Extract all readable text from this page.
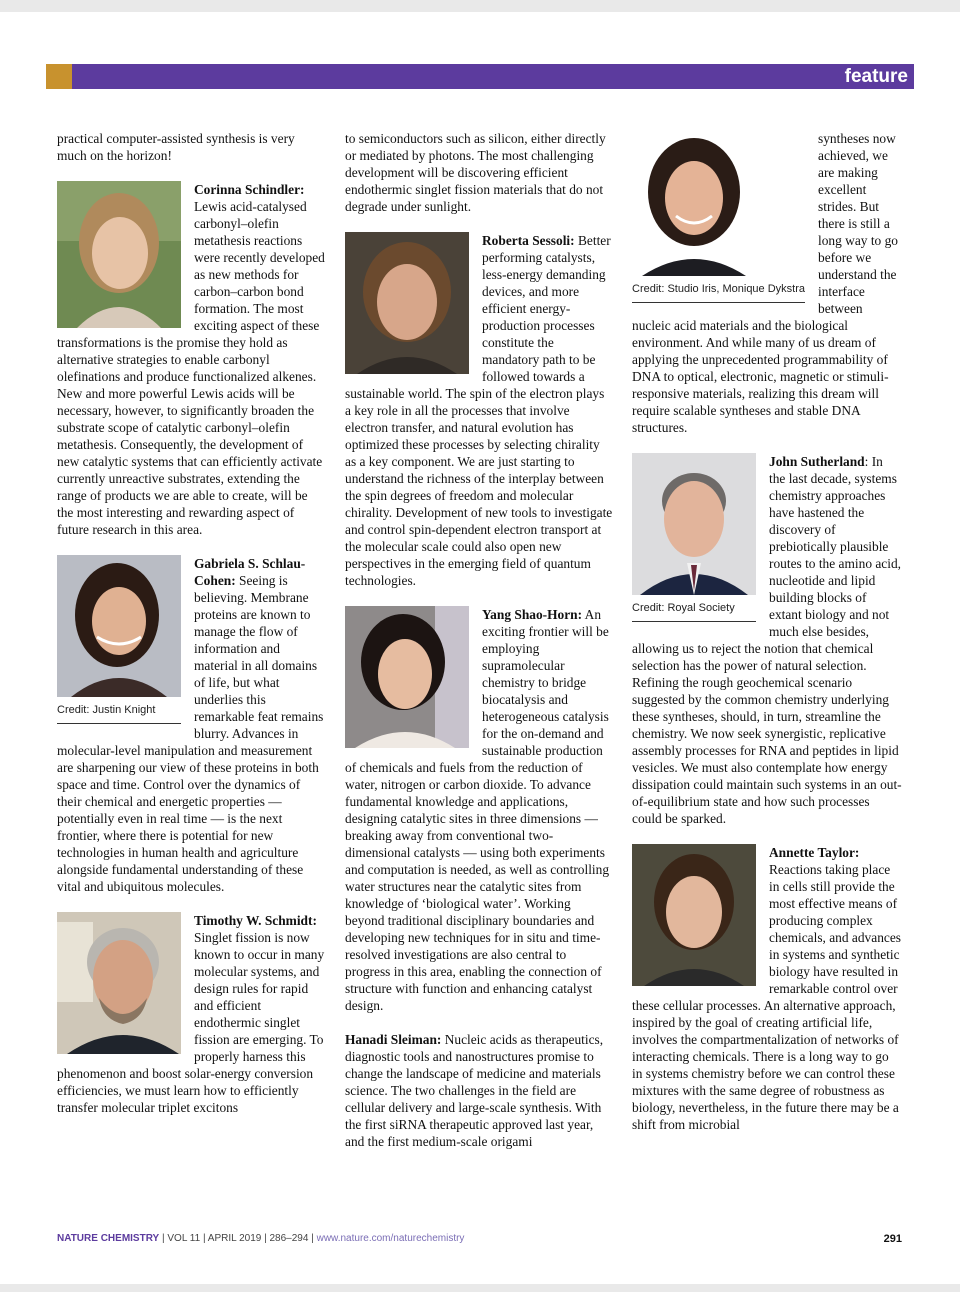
feature

practical computer-assisted synthesis is very much on the horizon!

Corinna Schindler: Lewis acid-catalysed carbonyl–olefin metathesis reactions were recently developed as new methods for carbon–carbon bond formation. The most exciting aspect of these transformations is the promise they hold as alternative strategies to enable carbonyl olefinations and produce functionalized alkenes. New and more powerful Lewis acids will be necessary, however, to significantly broaden the substrate scope of catalytic carbonyl–olefin metathesis. Consequently, the development of new catalytic systems that can efficiently activate currently unreactive substrates, extending the range of products we are able to create, will be the most interesting and rewarding aspect of future research in this area.

Credit: Justin Knight

Gabriela S. Schlau-Cohen: Seeing is believing. Membrane proteins are known to manage the flow of information and material in all domains of life, but what underlies this remarkable feat remains blurry. Advances in molecular-level manipulation and measurement are sharpening our view of these proteins in both space and time. Control over the dynamics of their chemical and energetic properties — potentially even in real time — is the next frontier, where there is potential for new technologies in human health and agriculture alongside fundamental understanding of these vital and ubiquitous molecules.

Timothy W. Schmidt: Singlet fission is now known to occur in many molecular systems, and design rules for rapid and efficient endothermic singlet fission are emerging. To properly harness this phenomenon and boost solar-energy conversion efficiencies, we must learn how to efficiently transfer molecular triplet excitons

to semiconductors such as silicon, either directly or mediated by photons. The most challenging development will be discovering efficient endothermic singlet fission materials that do not degrade under sunlight.

Roberta Sessoli: Better performing catalysts, less-energy demanding devices, and more efficient energy-production processes constitute the mandatory path to be followed towards a sustainable world. The spin of the electron plays a key role in all the processes that involve electron transfer, and natural evolution has optimized these processes by selecting chirality as a key component. We are just starting to understand the richness of the interplay between the spin degrees of freedom and molecular chirality. Development of new tools to investigate and control spin-dependent electron transport at the molecular scale could also open new perspectives in the emerging field of quantum technologies.

Yang Shao-Horn: An exciting frontier will be employing supramolecular chemistry to bridge biocatalysis and heterogeneous catalysis for the on-demand and sustainable production of chemicals and fuels from the reduction of water, nitrogen or carbon dioxide. To advance fundamental knowledge and applications, designing catalytic sites in three dimensions — breaking away from conventional two-dimensional catalysts — using both experiments and computation is needed, as well as controlling water structures near the catalytic sites from knowledge of ‘biological water’. Working beyond traditional disciplinary boundaries and developing new techniques for in situ and time-resolved investigations are also central to progress in this area, enabling the connection of structure with function and enhancing catalyst design.

Hanadi Sleiman: Nucleic acids as therapeutics, diagnostic tools and nanostructures promise to change the landscape of medicine and materials science. The two challenges in the field are cellular delivery and large-scale synthesis. With the first siRNA therapeutic approved last year, and the first medium-scale origami

Credit: Studio Iris, Monique Dykstra

syntheses now achieved, we are making excellent strides. But there is still a long way to go before we understand the interface between nucleic acid materials and the biological environment. And while many of us dream of applying the unprecedented programmability of DNA to optical, electronic, magnetic or stimuli-responsive materials, realizing this dream will require scalable syntheses and stable DNA structures.

Credit: Royal Society

John Sutherland: In the last decade, systems chemistry approaches have hastened the discovery of prebiotically plausible routes to the amino acid, nucleotide and lipid building blocks of extant biology and not much else besides, allowing us to reject the notion that chemical selection has the power of natural selection. Refining the rough geochemical scenario suggested by the common chemistry underlying these syntheses, should, in turn, streamline the chemistry. We now seek synergistic, replicative assembly processes for RNA and peptides in lipid vesicles. We must also contemplate how energy dissipation could maintain such systems in an out-of-equilibrium state and how such processes could be sparked.

Annette Taylor: Reactions taking place in cells still provide the most effective means of producing complex chemicals, and advances in systems and synthetic biology have resulted in remarkable control over these cellular processes. An alternative approach, inspired by the goal of creating artificial life, involves the compartmentalization of networks of interacting chemicals. There is a long way to go in systems chemistry before we can control these mixtures with the same degree of robustness as biology, nevertheless, in the future there may be a shift from microbial

NATURE CHEMISTRY | VOL 11 | APRIL 2019 | 286–294 | www.nature.com/naturechemistry	291
